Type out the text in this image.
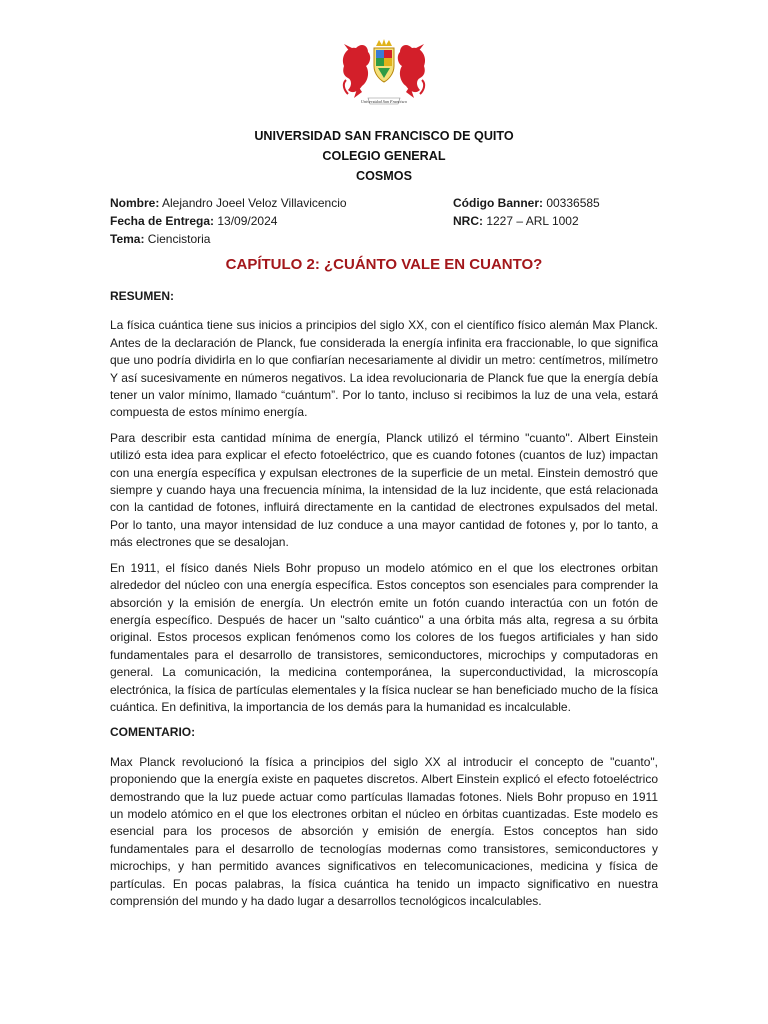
Universidad San Francisco
UNIVERSIDAD SAN FRANCISCO DE QUITO
COLEGIO GENERAL
COSMOS
Nombre: Alejandro Joeel Veloz Villavicencio
Fecha de Entrega: 13/09/2024
Tema: Ciencistoria
Código Banner: 00336585
NRC: 1227 – ARL 1002
CAPÍTULO 2: ¿CUÁNTO VALE EN CUANTO?
RESUMEN:

La física cuántica tiene sus inicios a principios del siglo XX, con el científico físico alemán Max Planck. Antes de la declaración de Planck, fue considerada la energía infinita era fraccionable, lo que significa que uno podría dividirla en lo que confiarían necesariamente al dividir un metro: centímetros, milímetro Y así sucesivamente en números negativos. La idea revolucionaria de Planck fue que la energía debía tener un valor mínimo, llamado “cuántum”. Por lo tanto, incluso si recibimos la luz de una vela, estará compuesta de estos mínimo energía.

Para describir esta cantidad mínima de energía, Planck utilizó el término "cuanto". Albert Einstein utilizó esta idea para explicar el efecto fotoeléctrico, que es cuando fotones (cuantos de luz) impactan con una energía específica y expulsan electrones de la superficie de un metal. Einstein demostró que siempre y cuando haya una frecuencia mínima, la intensidad de la luz incidente, que está relacionada con la cantidad de fotones, influirá directamente en la cantidad de electrones expulsados del metal. Por lo tanto, una mayor intensidad de luz conduce a una mayor cantidad de fotones y, por lo tanto, a más electrones que se desalojan.

En 1911, el físico danés Niels Bohr propuso un modelo atómico en el que los electrones orbitan alrededor del núcleo con una energía específica. Estos conceptos son esenciales para comprender la absorción y la emisión de energía. Un electrón emite un fotón cuando interactúa con un fotón de energía específico. Después de hacer un "salto cuántico" a una órbita más alta, regresa a su órbita original. Estos procesos explican fenómenos como los colores de los fuegos artificiales y han sido fundamentales para el desarrollo de transistores, semiconductores, microchips y computadoras en general. La comunicación, la medicina contemporánea, la superconductividad, la microscopía electrónica, la física de partículas elementales y la física nuclear se han beneficiado mucho de la física cuántica. En definitiva, la importancia de los demás para la humanidad es incalculable.

COMENTARIO:

Max Planck revolucionó la física a principios del siglo XX al introducir el concepto de "cuanto", proponiendo que la energía existe en paquetes discretos. Albert Einstein explicó el efecto fotoeléctrico demostrando que la luz puede actuar como partículas llamadas fotones. Niels Bohr propuso en 1911 un modelo atómico en el que los electrones orbitan el núcleo en órbitas cuantizadas. Este modelo es esencial para los procesos de absorción y emisión de energía. Estos conceptos han sido fundamentales para el desarrollo de tecnologías modernas como transistores, semiconductores y microchips, y han permitido avances significativos en telecomunicaciones, medicina y física de partículas. En pocas palabras, la física cuántica ha tenido un impacto significativo en nuestra comprensión del mundo y ha dado lugar a desarrollos tecnológicos incalculables.
